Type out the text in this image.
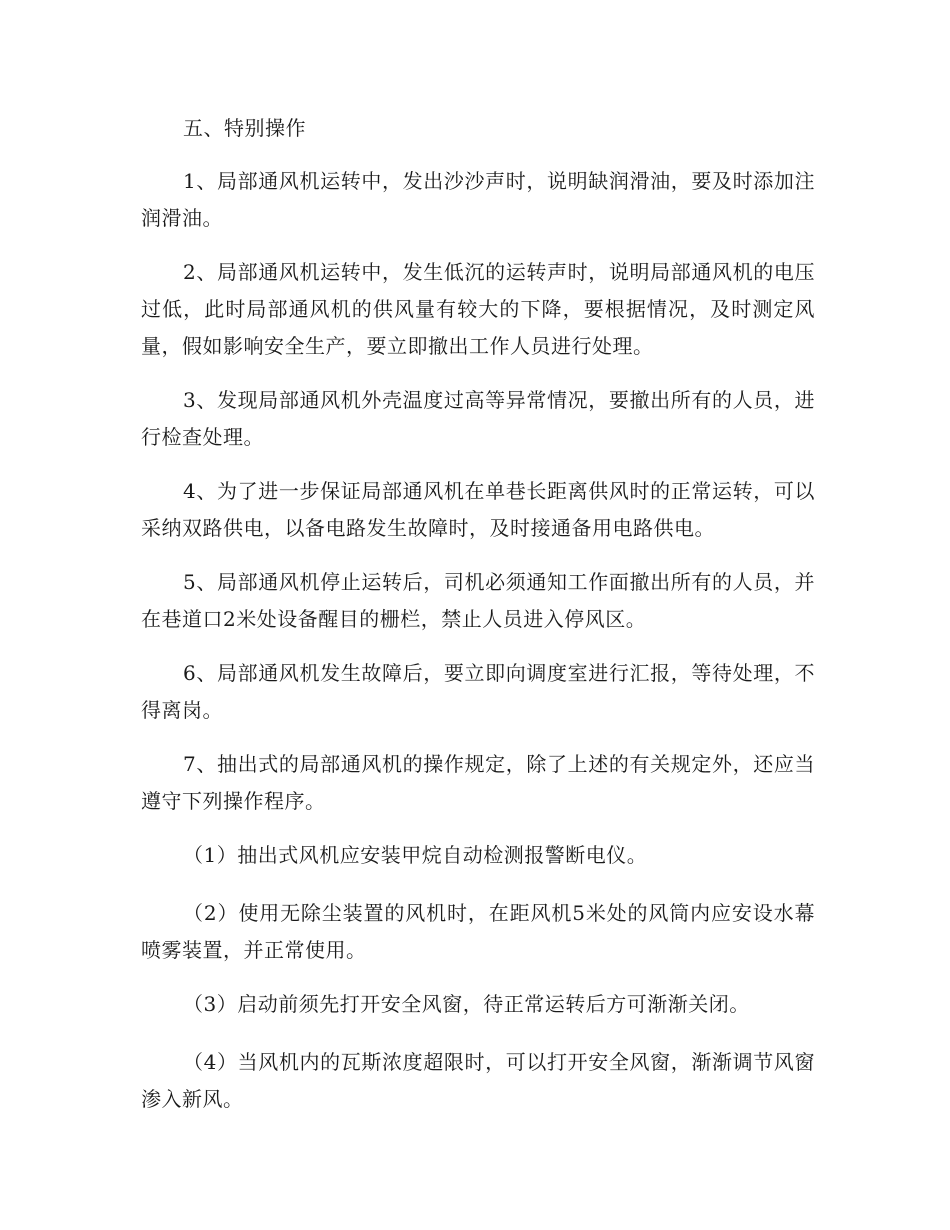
五、特别操作

1、局部通风机运转中，发出沙沙声时，说明缺润滑油，要及时添加注润滑油。

2、局部通风机运转中，发生低沉的运转声时，说明局部通风机的电压过低，此时局部通风机的供风量有较大的下降，要根据情况，及时测定风量，假如影响安全生产，要立即撤出工作人员进行处理。

3、发现局部通风机外壳温度过高等异常情况，要撤出所有的人员，进行检查处理。

4、为了进一步保证局部通风机在单巷长距离供风时的正常运转，可以采纳双路供电，以备电路发生故障时，及时接通备用电路供电。

5、局部通风机停止运转后，司机必须通知工作面撤出所有的人员，并在巷道口2米处设备醒目的栅栏，禁止人员进入停风区。

6、局部通风机发生故障后，要立即向调度室进行汇报，等待处理，不得离岗。

7、抽出式的局部通风机的操作规定，除了上述的有关规定外，还应当遵守下列操作程序。

（1）抽出式风机应安装甲烷自动检测报警断电仪。

（2）使用无除尘装置的风机时，在距风机5米处的风筒内应安设水幕喷雾装置，并正常使用。

（3）启动前须先打开安全风窗，待正常运转后方可渐渐关闭。

（4）当风机内的瓦斯浓度超限时，可以打开安全风窗，渐渐调节风窗渗入新风。
